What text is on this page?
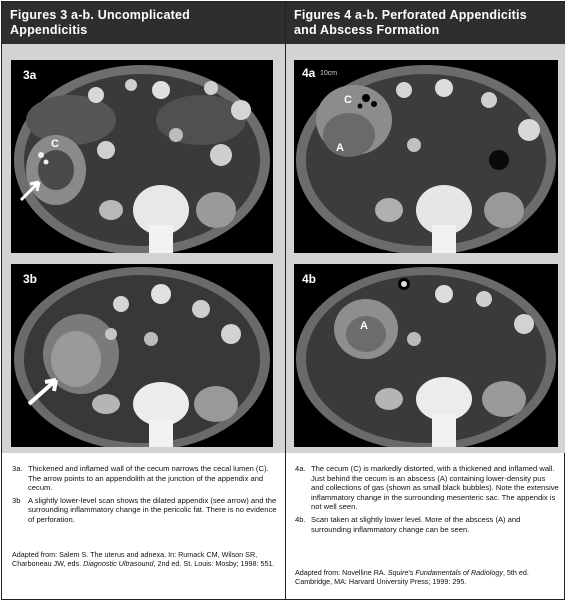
Figures 3 a-b. Uncomplicated
Appendicitis
Figures 4 a-b. Perforated Appendicitis
and Abscess Formation
3a
C
3b
4a 10cm
C
A
4b
A
3a. Thickened and inflamed wall of the cecum narrows the cecal lumen (C). The arrow points to an appendolith at the junction of the appendix and cecum.
3b A slightly lower-level scan shows the dilated appendix (see arrow) and the surrounding inflammatory change in the pericolic fat. There is no evidence of perforation.
Adapted from: Salem S. The uterus and adnexa. In: Rumack CM, Wilson SR, Charboneau JW, eds. Diagnostic Ultrasound, 2nd ed. St. Louis: Mosby; 1998: 551.
4a. The cecum (C) is markedly distorted, with a thickened and inflamed wall. Just behind the cecum is an abscess (A) containing lower-density pus and collections of gas (shown as small black bubbles). Note the extensive inflammatory change in the surrounding mesenteric sac. The appendix is not well seen.
4b. Scan taken at slightly lower level. More of the abscess (A) and surrounding inflammatory change can be seen.
Adapted from: Novelline RA. Squire's Fundamentals of Radiology, 5th ed. Cambridge, MA: Harvard University Press; 1999: 295.
